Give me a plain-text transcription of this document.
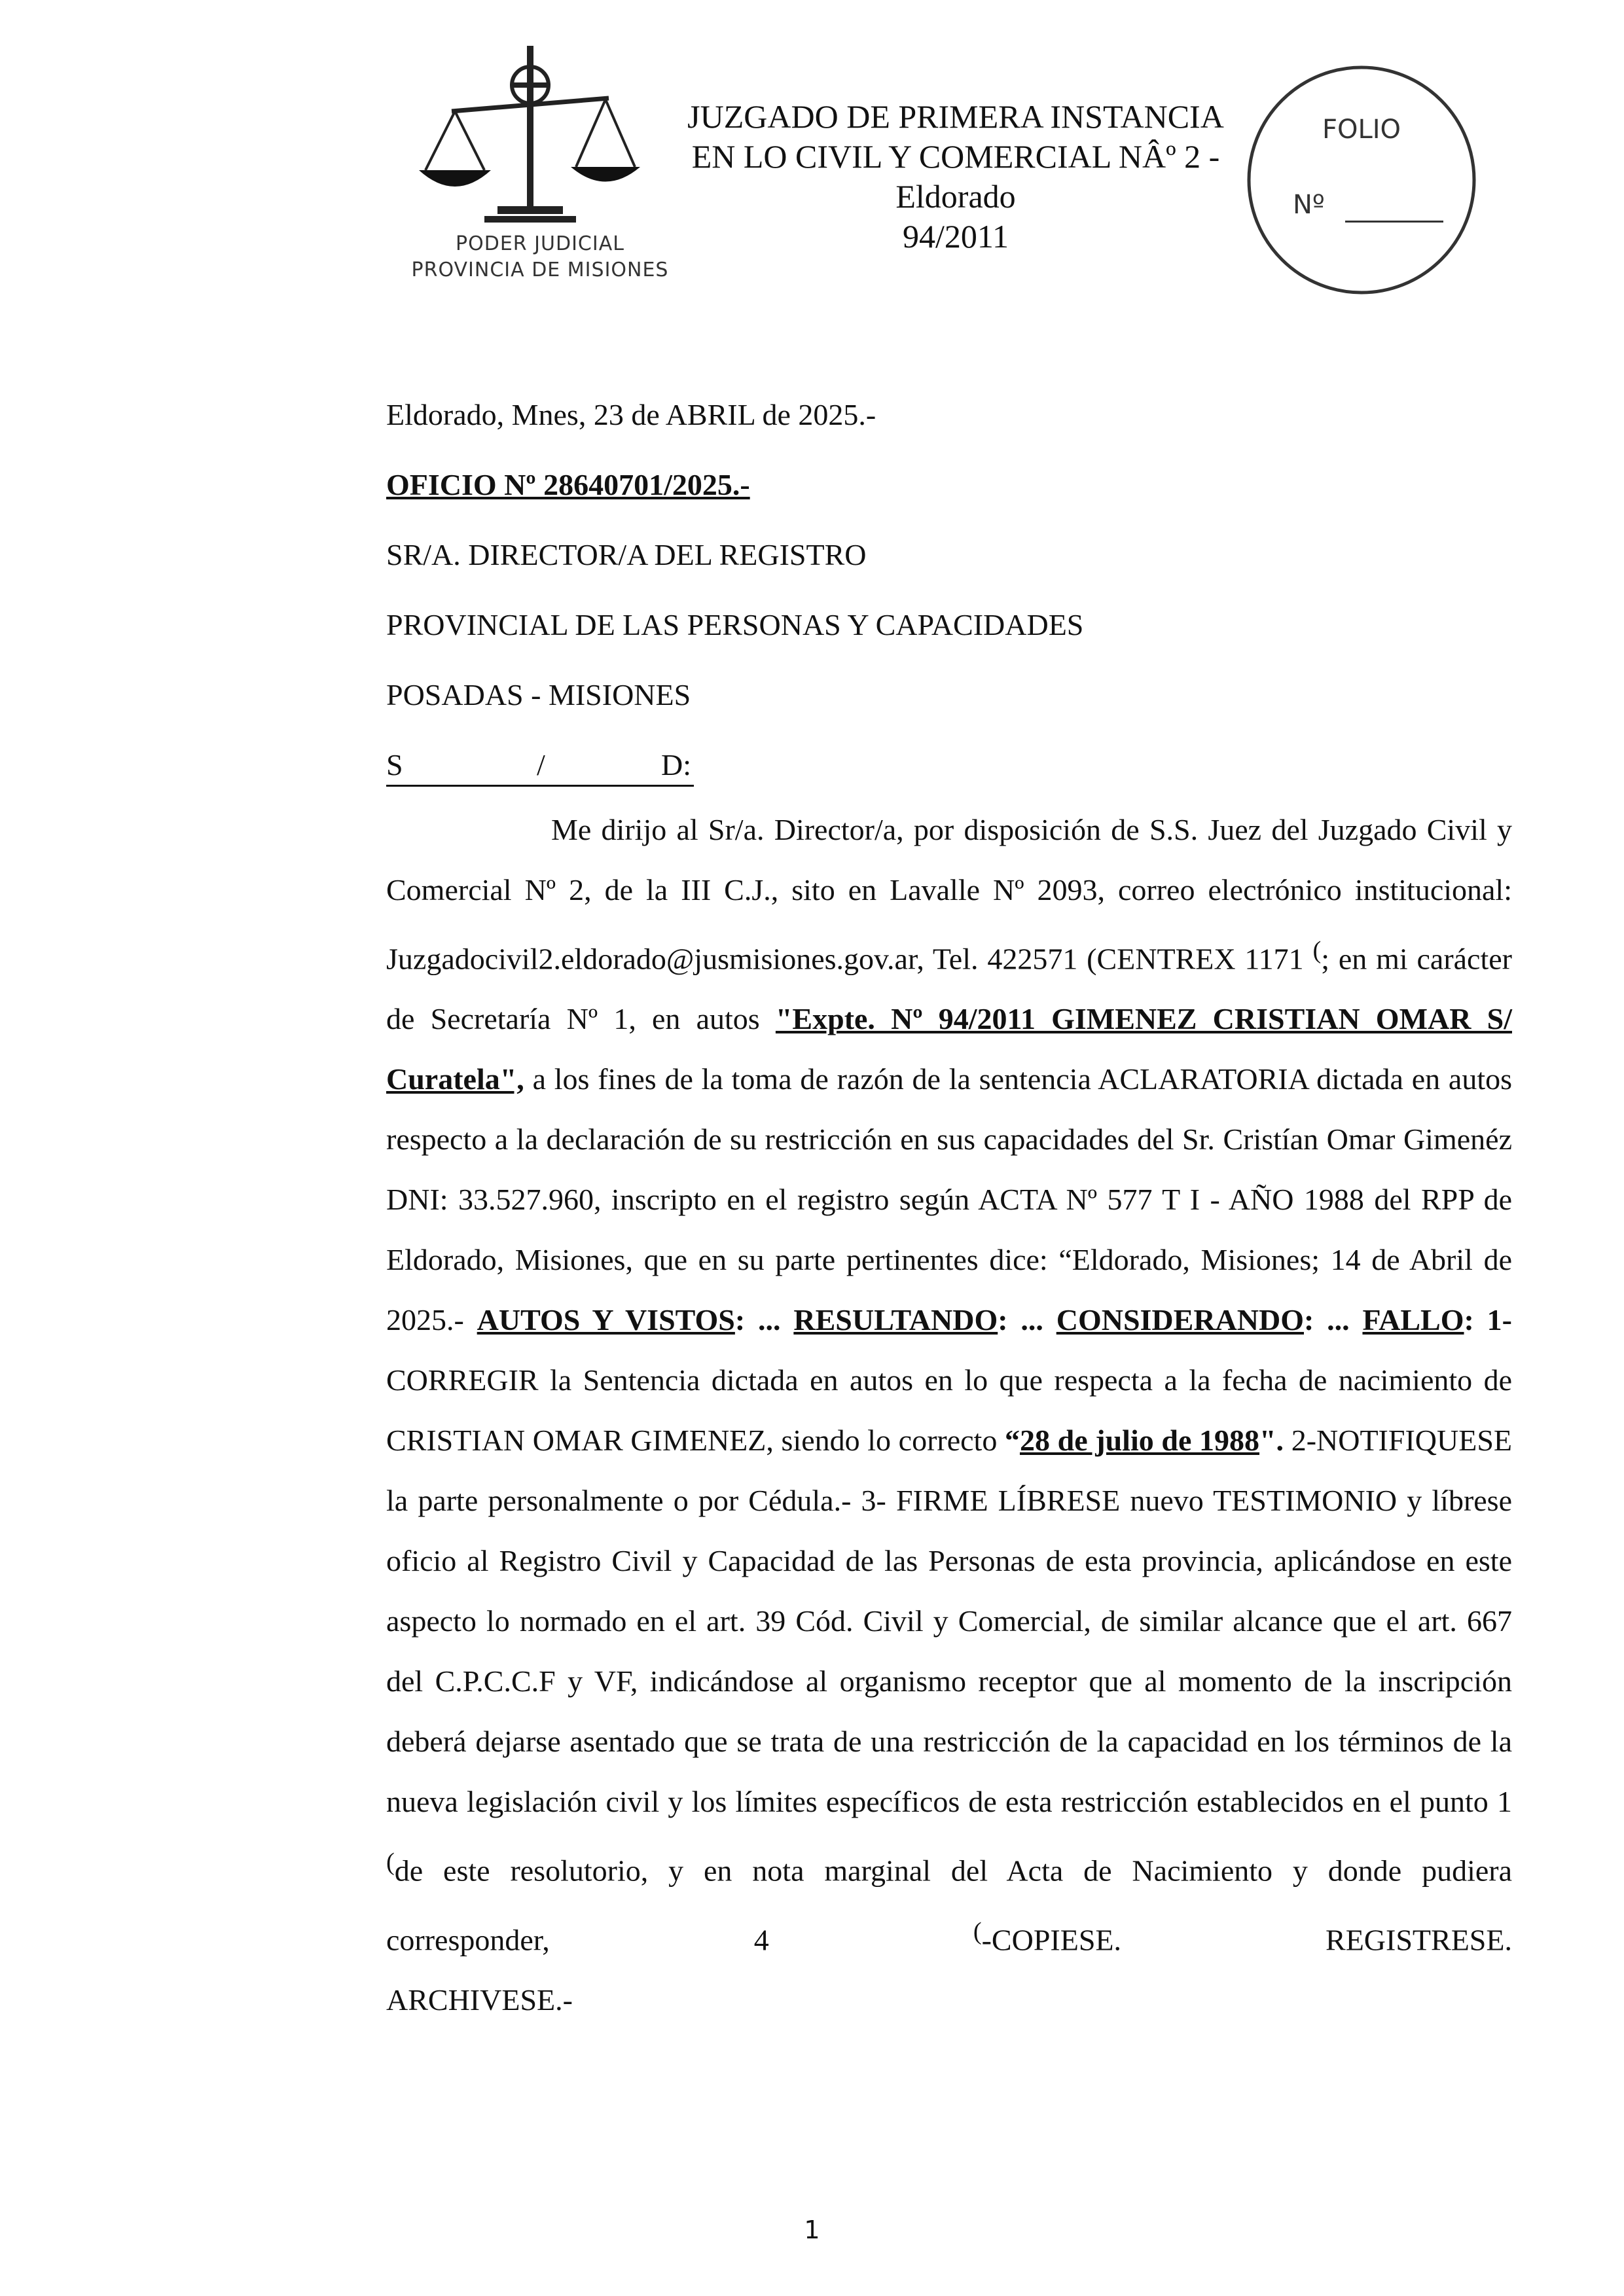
PODER JUDICIAL
PROVINCIA DE MISIONES
JUZGADO DE PRIMERA INSTANCIA
EN LO CIVIL Y COMERCIAL NÂº 2 -
Eldorado
94/2011
FOLIO
Nº
Eldorado, Mnes, 23 de ABRIL de 2025.-
OFICIO Nº 28640701/2025.-
SR/A. DIRECTOR/A DEL REGISTRO
PROVINCIAL DE LAS PERSONAS Y CAPACIDADES
POSADAS - MISIONES
S	/	D:
Me dirijo al Sr/a. Director/a, por disposición de S.S. Juez del Juzgado Civil y Comercial Nº 2, de la III C.J., sito en Lavalle Nº 2093, correo electrónico institucional: Juzgadocivil2.eldorado@jusmisiones.gov.ar, Tel. 422571 (CENTREX 1171 (; en mi carácter de Secretaría Nº 1, en autos "Expte. Nº 94/2011 GIMENEZ CRISTIAN OMAR S/ Curatela", a los fines de la toma de razón de la sentencia ACLARATORIA dictada en autos respecto a la declaración de su restricción en sus capacidades del Sr. Cristían Omar Gimenéz DNI: 33.527.960, inscripto en el registro según ACTA Nº 577 T I - AÑO 1988 del RPP de Eldorado, Misiones, que en su parte pertinentes dice: “Eldorado, Misiones; 14 de Abril de 2025.- AUTOS Y VISTOS: ... RESULTANDO: ... CONSIDERANDO: ... FALLO: 1- CORREGIR la Sentencia dictada en autos en lo que respecta a la fecha de nacimiento de CRISTIAN OMAR GIMENEZ, siendo lo correcto “28 de julio de 1988". 2-NOTIFIQUESE la parte personalmente o por Cédula.- 3- FIRME LÍBRESE nuevo TESTIMONIO y líbrese oficio al Registro Civil y Capacidad de las Personas de esta provincia, aplicándose en este aspecto lo normado en el art. 39 Cód. Civil y Comercial, de similar alcance que el art. 667 del C.P.C.C.F y VF, indicándose al organismo receptor que al momento de la inscripción deberá dejarse asentado que se trata de una restricción de la capacidad en los términos de la nueva legislación civil y los límites específicos de esta restricción establecidos en el punto 1 (de este resolutorio, y en nota marginal del Acta de Nacimiento y donde pudiera corresponder, 4 (-COPIESE. REGISTRESE.
ARCHIVESE.-
1
